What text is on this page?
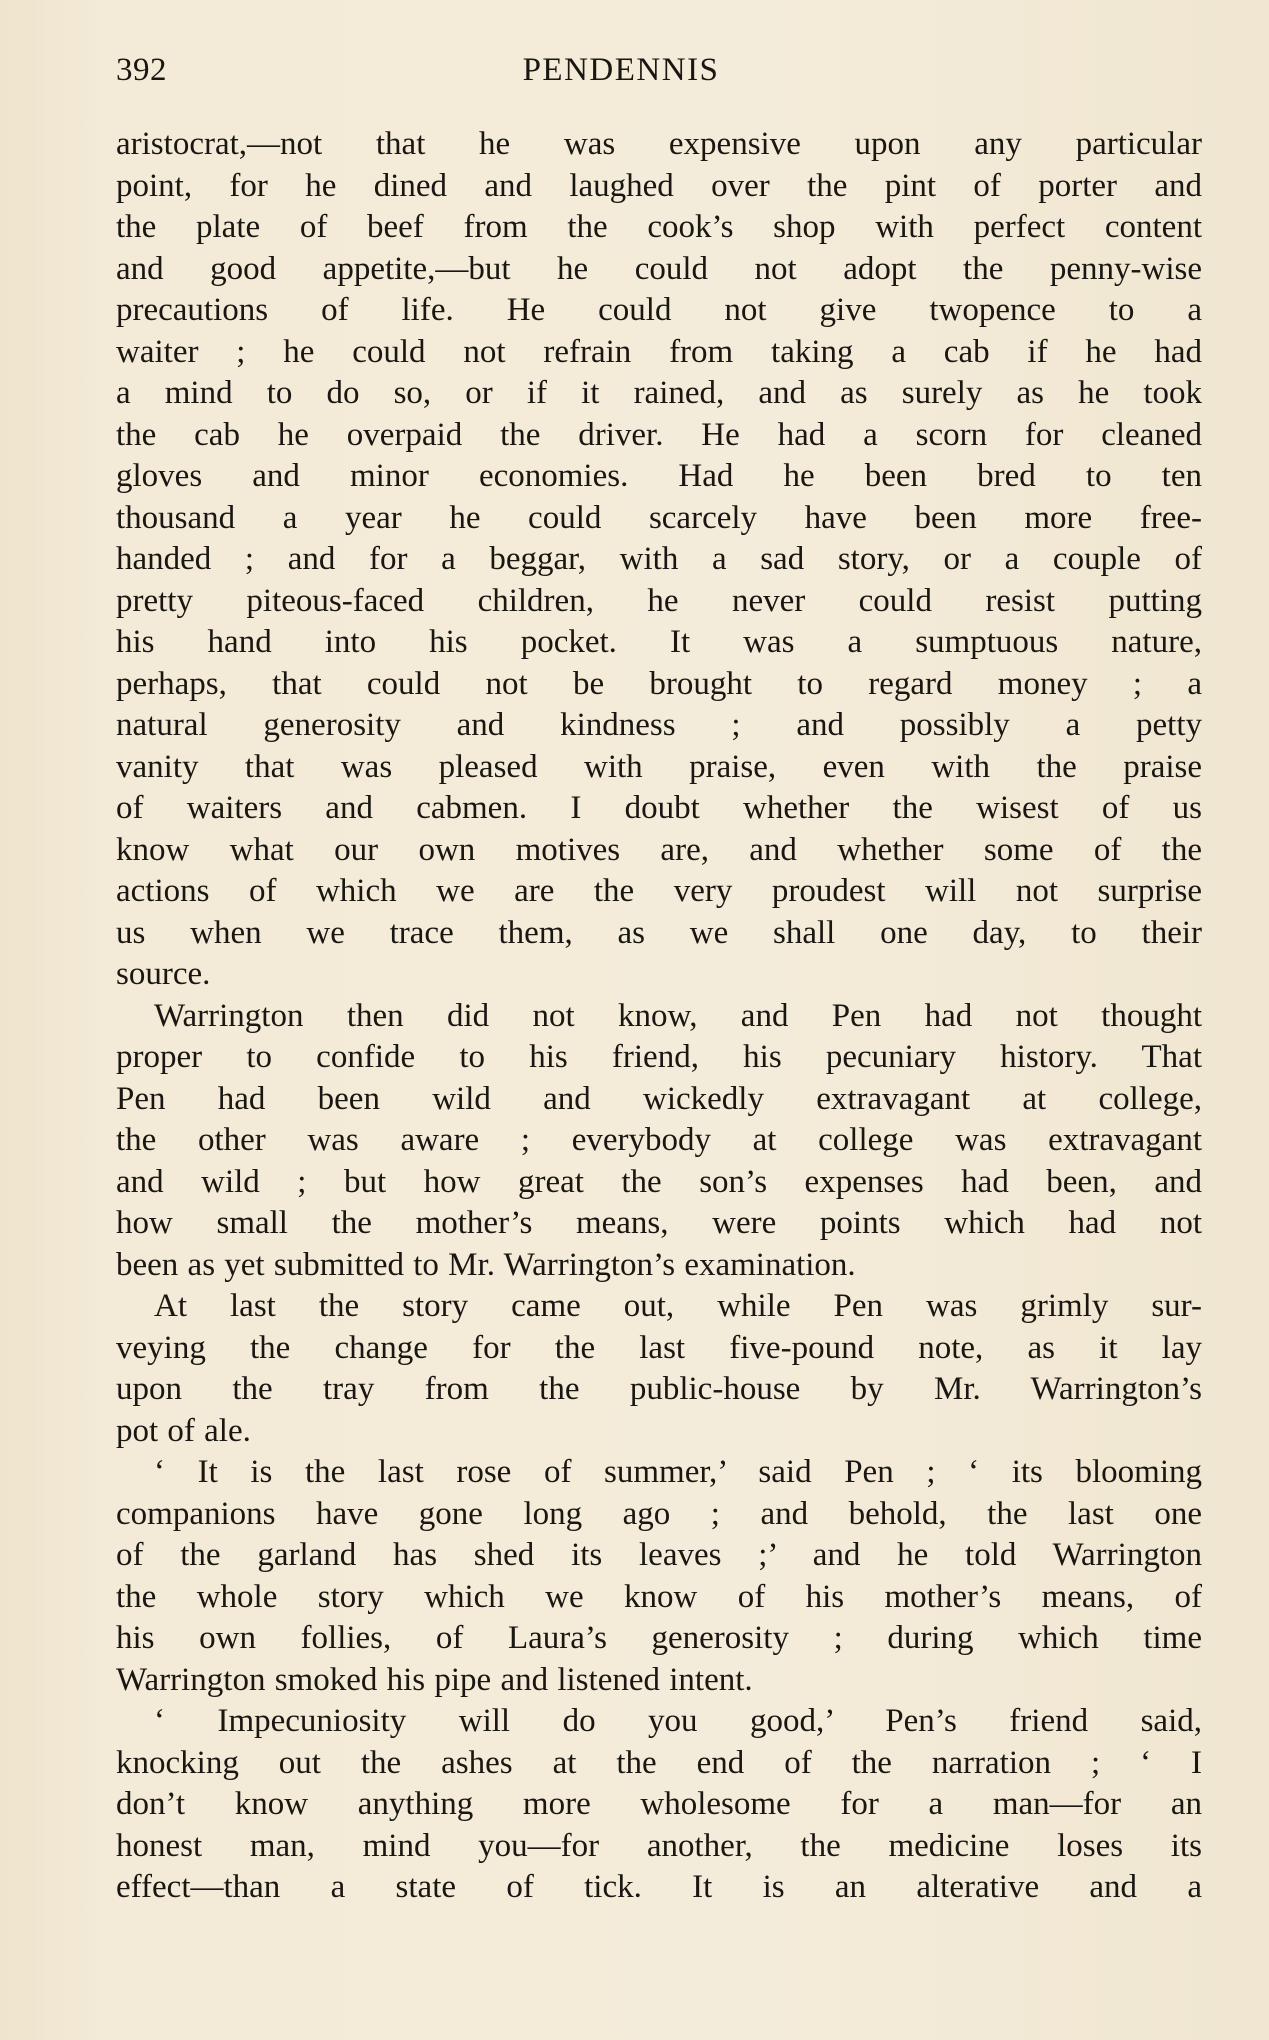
392	PENDENNIS
aristocrat,—not that he was expensive upon any particular
point, for he dined and laughed over the pint of porter and
the plate of beef from the cook’s shop with perfect content
and good appetite,—but he could not adopt the penny-wise
precautions of life. He could not give twopence to a
waiter ; he could not refrain from taking a cab if he had
a mind to do so, or if it rained, and as surely as he took
the cab he overpaid the driver. He had a scorn for cleaned
gloves and minor economies. Had he been bred to ten
thousand a year he could scarcely have been more free-
handed ; and for a beggar, with a sad story, or a couple of
pretty piteous-faced children, he never could resist putting
his hand into his pocket. It was a sumptuous nature,
perhaps, that could not be brought to regard money ; a
natural generosity and kindness ; and possibly a petty
vanity that was pleased with praise, even with the praise
of waiters and cabmen. I doubt whether the wisest of us
know what our own motives are, and whether some of the
actions of which we are the very proudest will not surprise
us when we trace them, as we shall one day, to their
source.
Warrington then did not know, and Pen had not thought
proper to confide to his friend, his pecuniary history. That
Pen had been wild and wickedly extravagant at college,
the other was aware ; everybody at college was extravagant
and wild ; but how great the son’s expenses had been, and
how small the mother’s means, were points which had not
been as yet submitted to Mr. Warrington’s examination.
At last the story came out, while Pen was grimly sur-
veying the change for the last five-pound note, as it lay
upon the tray from the public-house by Mr. Warrington’s
pot of ale.
‘ It is the last rose of summer,’ said Pen ; ‘ its blooming
companions have gone long ago ; and behold, the last one
of the garland has shed its leaves ;’ and he told Warrington
the whole story which we know of his mother’s means, of
his own follies, of Laura’s generosity ; during which time
Warrington smoked his pipe and listened intent.
‘ Impecuniosity will do you good,’ Pen’s friend said,
knocking out the ashes at the end of the narration ; ‘ I
don’t know anything more wholesome for a man—for an
honest man, mind you—for another, the medicine loses its
effect—than a state of tick. It is an alterative and a
